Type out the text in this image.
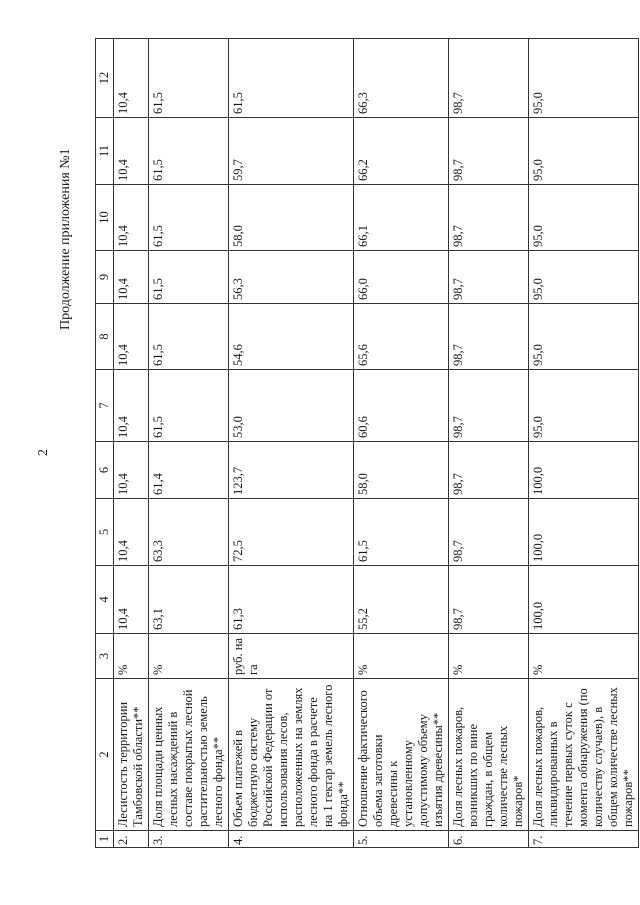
2
Продолжение приложения №1
1	2	3	4	5	6	7	8	9	10	11	12
2.	Лесистость территории Тамбовской области**	%	10,4	10,4	10,4	10,4	10,4	10,4	10,4	10,4	10,4
3.	Доля площади ценных лесных насаждений в составе покрытых лесной растительностью земель лесного фонда**	%	63,1	63,3	61,4	61,5	61,5	61,5	61,5	61,5	61,5
4.	Объем платежей в бюджетную систему Российской Федерации от использования лесов, расположенных на землях лесного фонда в расчете на 1 гектар земель лесного фонда**	руб. на га	61,3	72,5	123,7	53,0	54,6	56,3	58,0	59,7	61,5
5.	Отношение фактического объема заготовки древесины к установленному допустимому объему изъятия древесины**	%	55,2	61,5	58,0	60,6	65,6	66,0	66,1	66,2	66,3
6.	Доля лесных пожаров, возникших по вине граждан, в общем количестве лесных пожаров*	%	98,7	98,7	98,7	98,7	98,7	98,7	98,7	98,7	98,7
7.	Доля лесных пожаров, ликвидированных в течение первых суток с момента обнаружения (по количеству случаев), в общем количестве лесных пожаров**	%	100,0	100,0	100,0	95,0	95,0	95,0	95,0	95,0	95,0
